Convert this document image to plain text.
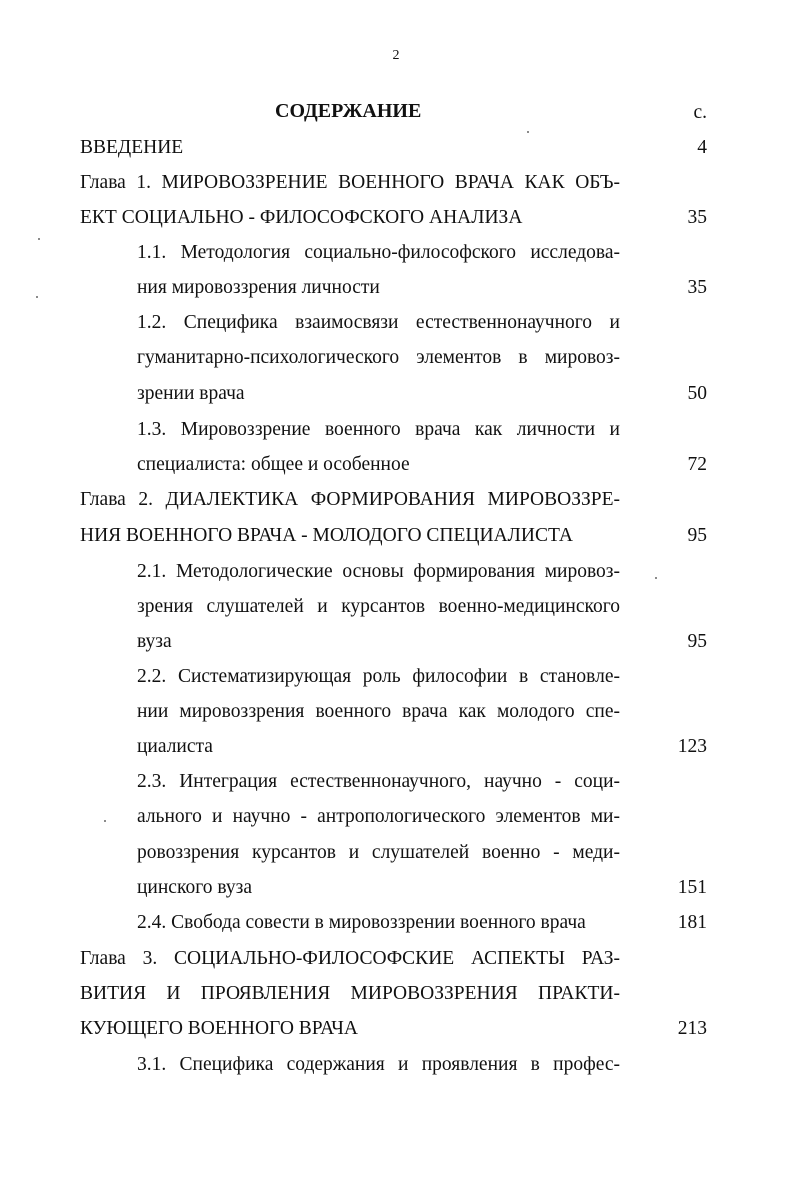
2
СОДЕРЖАНИЕ	с.
ВВЕДЕНИЕ	4
Глава 1. МИРОВОЗЗРЕНИЕ ВОЕННОГО ВРАЧА КАК ОБЪ-
ЕКТ СОЦИАЛЬНО - ФИЛОСОФСКОГО АНАЛИЗА	35
1.1. Методология социально-философского исследова-
ния мировоззрения личности	35
1.2. Специфика взаимосвязи естественнонаучного и
гуманитарно-психологического элементов в мировоз-
зрении врача	50
1.3. Мировоззрение военного врача как личности и
специалиста: общее и особенное	72
Глава 2. ДИАЛЕКТИКА ФОРМИРОВАНИЯ МИРОВОЗЗРЕ-
НИЯ ВОЕННОГО ВРАЧА - МОЛОДОГО СПЕЦИАЛИСТА	95
2.1. Методологические основы формирования мировоз-
зрения слушателей и курсантов военно-медицинского
вуза	95
2.2. Систематизирующая роль философии в становле-
нии мировоззрения военного врача как молодого спе-
циалиста	123
2.3. Интеграция естественнонаучного, научно - соци-
ального и научно - антропологического элементов ми-
ровоззрения курсантов и слушателей военно - меди-
цинского вуза	151
2.4. Свобода совести в мировоззрении военного врача	181
Глава 3. СОЦИАЛЬНО-ФИЛОСОФСКИЕ АСПЕКТЫ РАЗ-
ВИТИЯ И ПРОЯВЛЕНИЯ МИРОВОЗЗРЕНИЯ ПРАКТИ-
КУЮЩЕГО ВОЕННОГО ВРАЧА	213
3.1. Специфика содержания и проявления в профес-
